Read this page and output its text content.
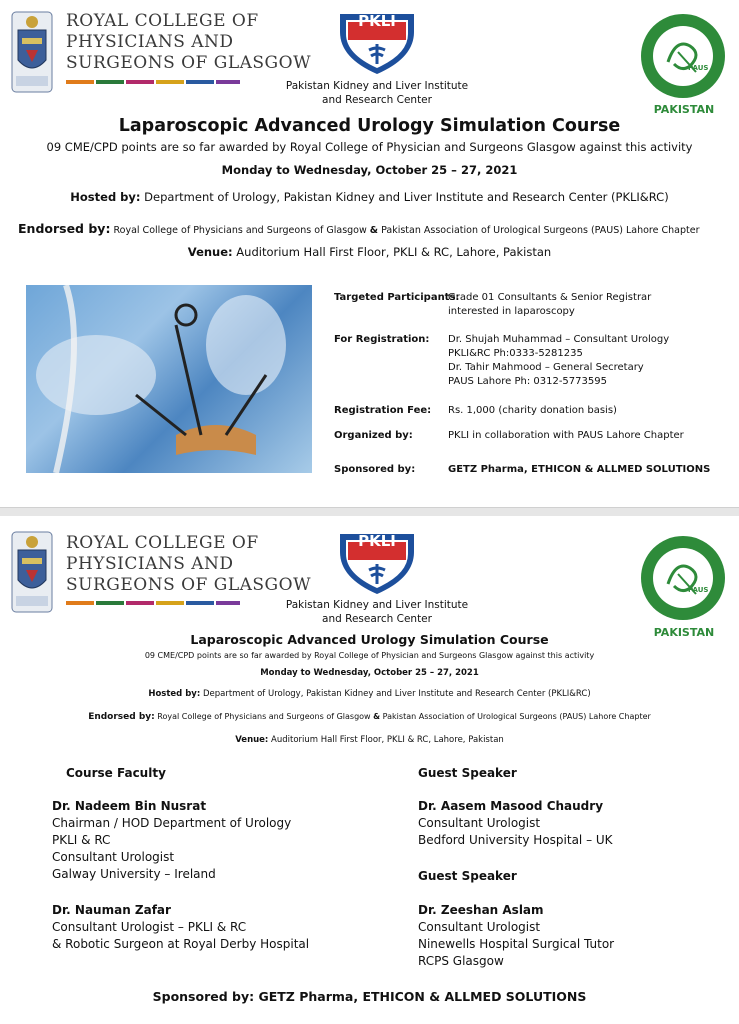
ROYAL COLLEGE OF
PHYSICIANS AND
SURGEONS OF GLASGOW
PKLI
Pakistan Kidney and Liver Institute
and Research Center
PAUS
PAKISTAN
Laparoscopic Advanced Urology Simulation Course
09 CME/CPD points are so far awarded by Royal College of Physician and Surgeons Glasgow against this activity
Monday to Wednesday, October 25 – 27, 2021
Hosted by: Department of Urology, Pakistan Kidney and Liver Institute and Research Center (PKLI&RC)
Endorsed by: Royal College of Physicians and Surgeons of Glasgow & Pakistan Association of Urological Surgeons (PAUS) Lahore Chapter
Venue: Auditorium Hall First Floor, PKLI & RC, Lahore, Pakistan
Targeted Participants:
Grade 01 Consultants & Senior Registrar
interested in laparoscopy
For Registration: Dr. Shujah Muhammad – Consultant Urology
PKLI&RC Ph:0333-5281235
Dr. Tahir Mahmood – General Secretary
PAUS Lahore Ph: 0312-5773595
Registration Fee: Rs. 1,000 (charity donation basis)
Organized by:	PKLI in collaboration with PAUS Lahore Chapter
Sponsored by:	GETZ Pharma, ETHICON & ALLMED SOLUTIONS
ROYAL COLLEGE OF
PHYSICIANS AND
SURGEONS OF GLASGOW
PKLI
Pakistan Kidney and Liver Institute
and Research Center
PAUS
PAKISTAN
Laparoscopic Advanced Urology Simulation Course
09 CME/CPD points are so far awarded by Royal College of Physician and Surgeons Glasgow against this activity
Monday to Wednesday, October 25 – 27, 2021
Hosted by: Department of Urology, Pakistan Kidney and Liver Institute and Research Center (PKLI&RC)
Endorsed by: Royal College of Physicians and Surgeons of Glasgow & Pakistan Association of Urological Surgeons (PAUS) Lahore Chapter
Venue: Auditorium Hall First Floor, PKLI & RC, Lahore, Pakistan
Course Faculty	Guest Speaker
Dr. Nadeem Bin Nusrat
Chairman / HOD Department of Urology
PKLI & RC
Consultant Urologist
Galway University – Ireland
Dr. Nauman Zafar
Consultant Urologist – PKLI & RC
& Robotic Surgeon at Royal Derby Hospital
Dr. Aasem Masood Chaudry
Consultant Urologist
Bedford University Hospital – UK
Guest Speaker
Dr. Zeeshan Aslam
Consultant Urologist
Ninewells Hospital Surgical Tutor
RCPS Glasgow
Sponsored by: GETZ Pharma, ETHICON & ALLMED SOLUTIONS
